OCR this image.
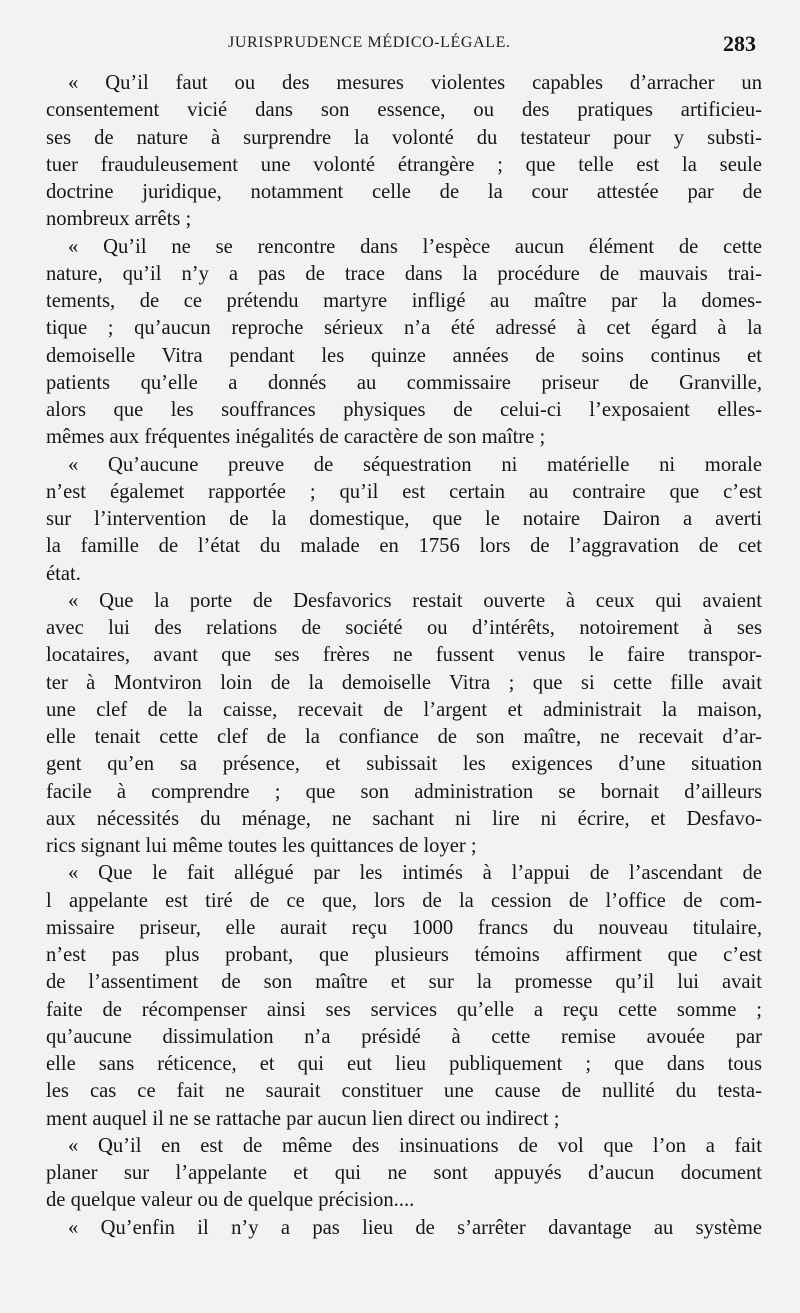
JURISPRUDENCE MÉDICO-LÉGALE.	283

« Qu’il faut ou des mesures violentes capables d’arracher un
consentement vicié dans son essence, ou des pratiques artificieu-
ses de nature à surprendre la volonté du testateur pour y substi-
tuer frauduleusement une volonté étrangère ; que telle est la seule
doctrine juridique, notamment celle de la cour attestée par de
nombreux arrêts ;

« Qu’il ne se rencontre dans l’espèce aucun élément de cette
nature, qu’il n’y a pas de trace dans la procédure de mauvais trai-
tements, de ce prétendu martyre infligé au maître par la domes-
tique ; qu’aucun reproche sérieux n’a été adressé à cet égard à la
demoiselle Vitra pendant les quinze années de soins continus et
patients qu’elle a donnés au commissaire priseur de Granville,
alors que les souffrances physiques de celui-ci l’exposaient elles-
mêmes aux fréquentes inégalités de caractère de son maître ;

« Qu’aucune preuve de séquestration ni matérielle ni morale
n’est égalemet rapportée ; qu’il est certain au contraire que c’est
sur l’intervention de la domestique, que le notaire Dairon a averti
la famille de l’état du malade en 1756 lors de l’aggravation de cet
état.

« Que la porte de Desfavorics restait ouverte à ceux qui avaient
avec lui des relations de société ou d’intérêts, notoirement à ses
locataires, avant que ses frères ne fussent venus le faire transpor-
ter à Montviron loin de la demoiselle Vitra ; que si cette fille avait
une clef de la caisse, recevait de l’argent et administrait la maison,
elle tenait cette clef de la confiance de son maître, ne recevait d’ar-
gent qu’en sa présence, et subissait les exigences d’une situation
facile à comprendre ; que son administration se bornait d’ailleurs
aux nécessités du ménage, ne sachant ni lire ni écrire, et Desfavo-
rics signant lui même toutes les quittances de loyer ;

« Que le fait allégué par les intimés à l’appui de l’ascendant de
l appelante est tiré de ce que, lors de la cession de l’office de com-
missaire priseur, elle aurait reçu 1000 francs du nouveau titulaire,
n’est pas plus probant, que plusieurs témoins affirment que c’est
de l’assentiment de son maître et sur la promesse qu’il lui avait
faite de récompenser ainsi ses services qu’elle a reçu cette somme ;
qu’aucune dissimulation n’a présidé à cette remise avouée par
elle sans réticence, et qui eut lieu publiquement ; que dans tous
les cas ce fait ne saurait constituer une cause de nullité du testa-
ment auquel il ne se rattache par aucun lien direct ou indirect ;

« Qu’il en est de même des insinuations de vol que l’on a fait
planer sur l’appelante et qui ne sont appuyés d’aucun document
de quelque valeur ou de quelque précision....

« Qu’enfin il n’y a pas lieu de s’arrêter davantage au système
